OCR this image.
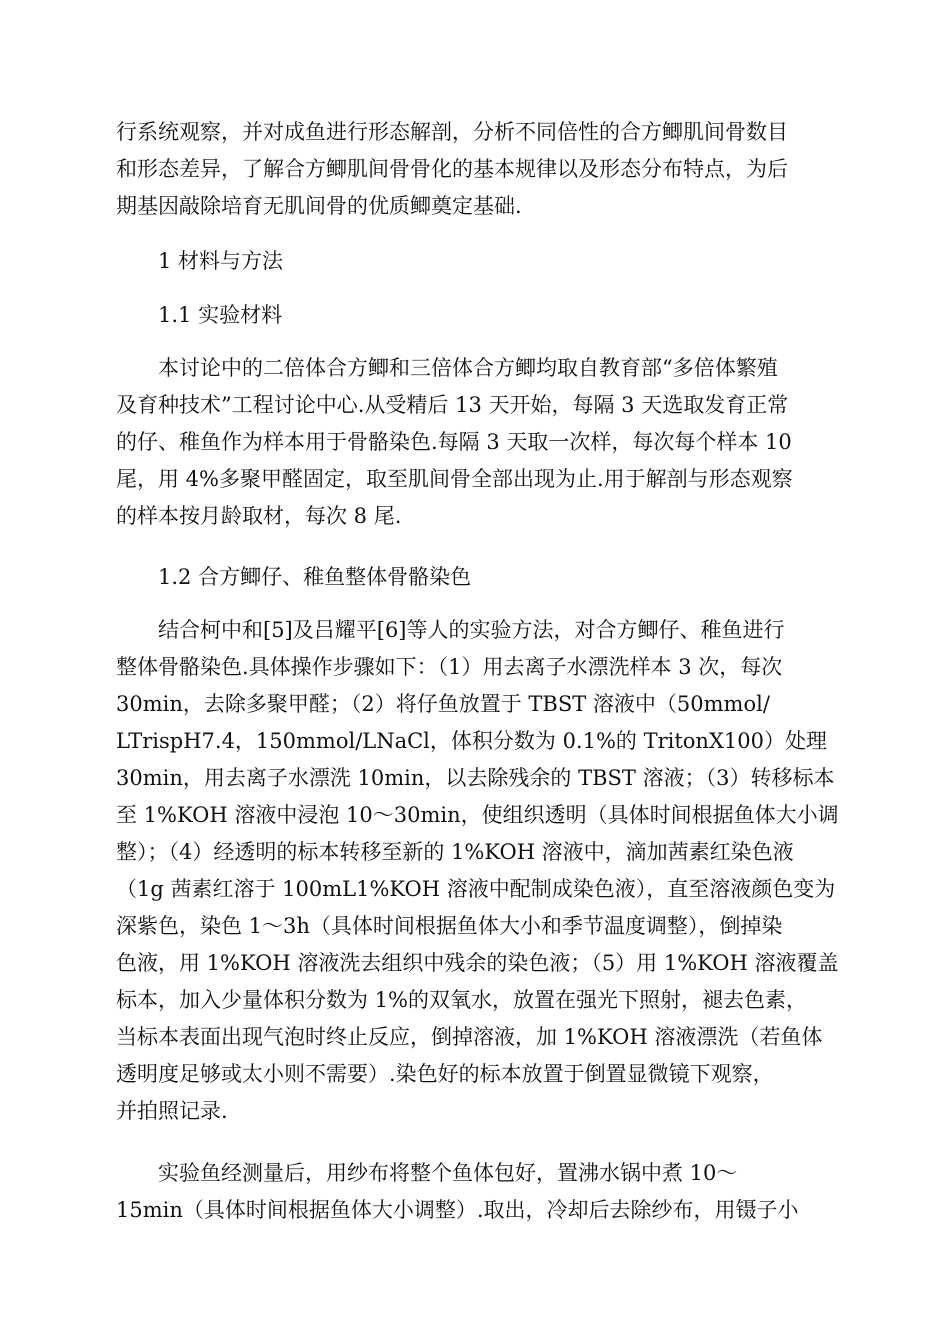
行系统观察，并对成鱼进行形态解剖，分析不同倍性的合方鲫肌间骨数目
和形态差异，了解合方鲫肌间骨骨化的基本规律以及形态分布特点，为后
期基因敲除培育无肌间骨的优质鲫奠定基础.
1 材料与方法
1.1 实验材料
本讨论中的二倍体合方鲫和三倍体合方鲫均取自教育部“多倍体繁殖
及育种技术”工程讨论中心.从受精后 13 天开始，每隔 3 天选取发育正常
的仔、稚鱼作为样本用于骨骼染色.每隔 3 天取一次样，每次每个样本 10
尾，用 4%多聚甲醛固定，取至肌间骨全部出现为止.用于解剖与形态观察
的样本按月龄取材，每次 8 尾.
1.2 合方鲫仔、稚鱼整体骨骼染色
结合柯中和[5]及吕耀平[6]等人的实验方法，对合方鲫仔、稚鱼进行
整体骨骼染色.具体操作步骤如下：（1）用去离子水漂洗样本 3 次，每次
30min，去除多聚甲醛；（2）将仔鱼放置于 TBST 溶液中（50mmol/
LTrispH7.4，150mmol/LNaCl，体积分数为 0.1%的 TritonX100）处理
30min，用去离子水漂洗 10min，以去除残余的 TBST 溶液；（3）转移标本
至 1%KOH 溶液中浸泡 10～30min，使组织透明（具体时间根据鱼体大小调
整）；（4）经透明的标本转移至新的 1%KOH 溶液中，滴加茜素红染色液
（1g 茜素红溶于 100mL1%KOH 溶液中配制成染色液），直至溶液颜色变为
深紫色，染色 1～3h（具体时间根据鱼体大小和季节温度调整），倒掉染
色液，用 1%KOH 溶液洗去组织中残余的染色液；（5）用 1%KOH 溶液覆盖
标本，加入少量体积分数为 1%的双氧水，放置在强光下照射，褪去色素，
当标本表面出现气泡时终止反应，倒掉溶液，加 1%KOH 溶液漂洗（若鱼体
透明度足够或太小则不需要）.染色好的标本放置于倒置显微镜下观察，
并拍照记录.
实验鱼经测量后，用纱布将整个鱼体包好，置沸水锅中煮 10～
15min（具体时间根据鱼体大小调整）.取出，冷却后去除纱布，用镊子小
